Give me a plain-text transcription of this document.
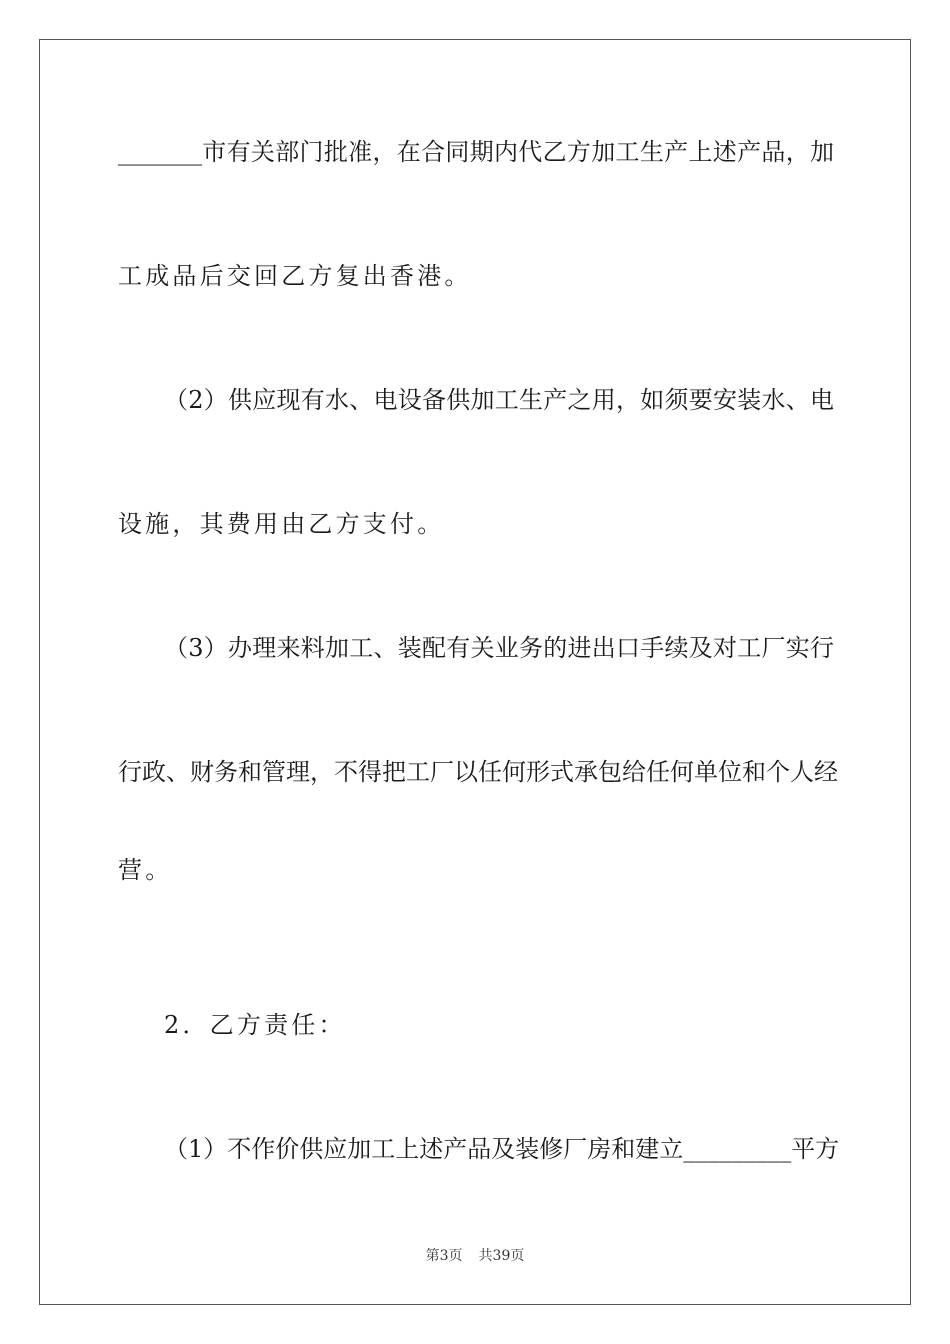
_______市有关部门批准，在合同期内代乙方加工生产上述产品，加
工成品后交回乙方复出香港。
（2）供应现有水、电设备供加工生产之用，如须要安装水、电
设施，其费用由乙方支付。
（3）办理来料加工、装配有关业务的进出口手续及对工厂实行
行政、财务和管理，不得把工厂以任何形式承包给任何单位和个人经
营。
2．乙方责任：
（1）不作价供应加工上述产品及装修厂房和建立_________平方
第3页 共39页
